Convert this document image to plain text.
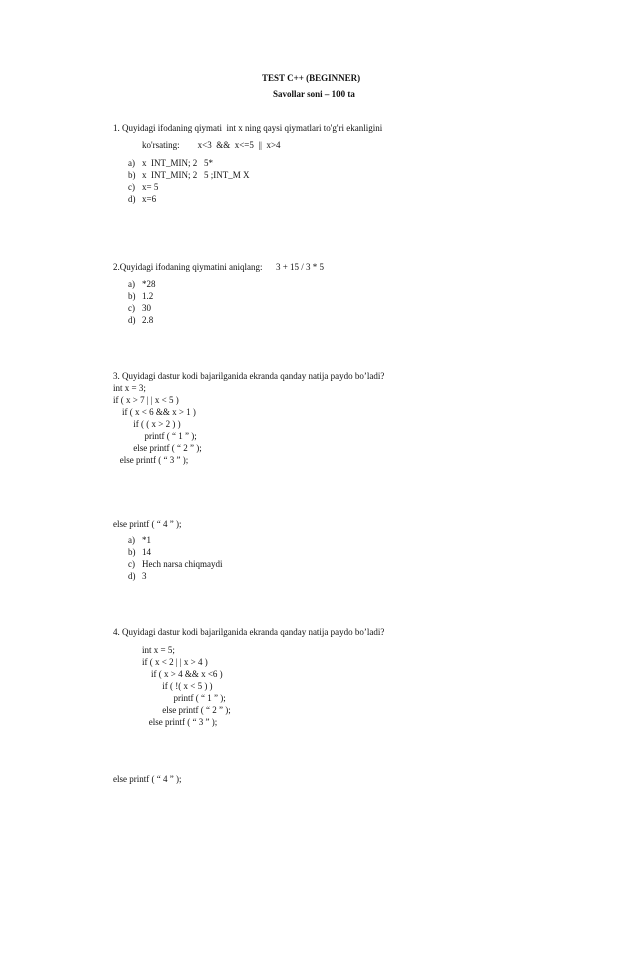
TEST C++ (BEGINNER)
Savollar soni – 100 ta
1. Quyidagi ifodaning qiymati  int x ning qaysi qiymatlari to'g'ri ekanligini
ko'rsating:        x<3  &&  x<=5  ||  x>4
a) x  INT_MIN; 2   5*
b) x  INT_MIN; 2   5 ;INT_M X
c) x= 5
d) x=6
2.Quyidagi ifodaning qiymatini aniqlang:      3 + 15 / 3 * 5
a) *28
b) 1.2
c) 30
d) 2.8
3. Quyidagi dastur kodi bajarilganida ekranda qanday natija paydo bo’ladi?
int x = 3;
if ( x > 7 | | x < 5 )
if ( x < 6 && x > 1 )
if ( ( x > 2 ) )
printf ( “ 1 ” );
else printf ( “ 2 ” );
else printf ( “ 3 ” );
else printf ( “ 4 ” );
a) *1
b) 14
c) Hech narsa chiqmaydi
d) 3
4. Quyidagi dastur kodi bajarilganida ekranda qanday natija paydo bo’ladi?
int x = 5;
if ( x < 2 | | x > 4 )
if ( x > 4 && x <6 )
if ( !( x < 5 ) )
printf ( “ 1 ” );
else printf ( “ 2 ” );
else printf ( “ 3 ” );
else printf ( “ 4 ” );
